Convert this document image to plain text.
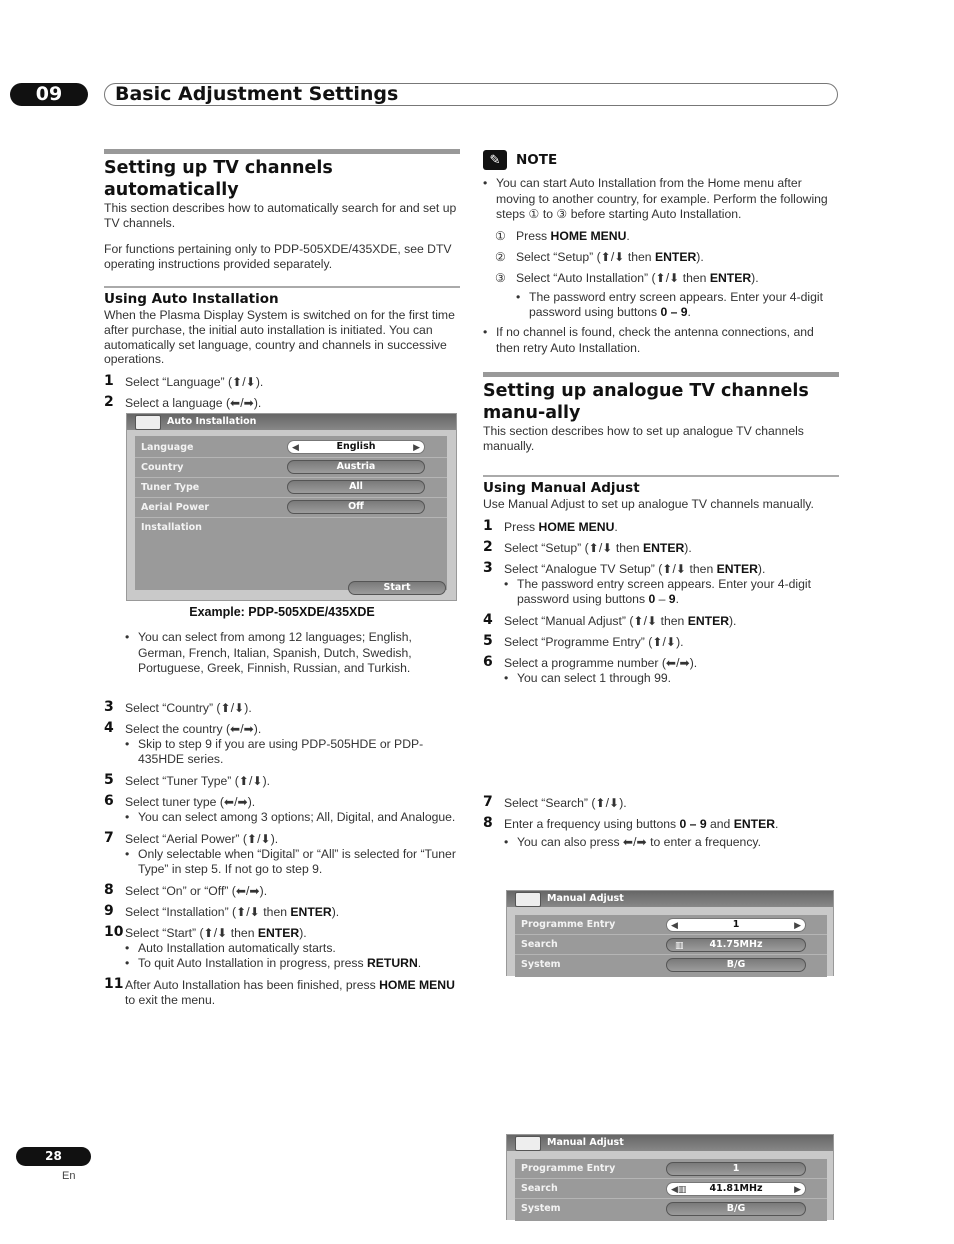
09	Basic Adjustment Settings
Setting up TV channels automatically

This section describes how to automatically search for and set up TV channels.

For functions pertaining only to PDP-505XDE/435XDE, see DTV operating instructions provided separately.

Using Auto Installation

When the Plasma Display System is switched on for the first time after purchase, the initial auto installation is initiated. You can automatically set language, country and channels in successive operations.

1 Select “Language” (⬆/⬇).
2 Select a language (⬅/➡).
Auto Installation
Language	◀	English	▶
Country	Austria
Tuner Type	All
Aerial Power	Off
Installation
Start
Example: PDP-505XDE/435XDE
• You can select from among 12 languages; English, German, French, Italian, Spanish, Dutch, Swedish, Portuguese, Greek, Finnish, Russian, and Turkish.
3 Select “Country” (⬆/⬇).
4 Select the country (⬅/➡).
• Skip to step 9 if you are using PDP-505HDE or PDP-435HDE series.
5 Select “Tuner Type” (⬆/⬇).
6 Select tuner type (⬅/➡).
• You can select among 3 options; All, Digital, and Analogue.
7 Select “Aerial Power” (⬆/⬇).
• Only selectable when “Digital” or “All” is selected for “Tuner Type” in step 5. If not go to step 9.
8 Select “On” or “Off” (⬅/➡).
9 Select “Installation” (⬆/⬇ then ENTER).
10 Select “Start” (⬆/⬇ then ENTER).
• Auto Installation automatically starts.
• To quit Auto Installation in progress, press RETURN.
11 After Auto Installation has been finished, press HOME MENU to exit the menu.
✎	NOTE
• You can start Auto Installation from the Home menu after moving to another country, for example. Perform the following steps ① to ③ before starting Auto Installation.
① Press HOME MENU.
② Select “Setup” (⬆/⬇ then ENTER).
③ Select “Auto Installation” (⬆/⬇ then ENTER).
• The password entry screen appears. Enter your 4-digit password using buttons 0 – 9.
• If no channel is found, check the antenna connections, and then retry Auto Installation.
Setting up analogue TV channels manu-ally

This section describes how to set up analogue TV channels manually.

Using Manual Adjust

Use Manual Adjust to set up analogue TV channels manually.

1 Press HOME MENU.
2 Select “Setup” (⬆/⬇ then ENTER).
3 Select “Analogue TV Setup” (⬆/⬇ then ENTER).
• The password entry screen appears. Enter your 4-digit password using buttons 0 – 9.
4 Select “Manual Adjust” (⬆/⬇ then ENTER).
5 Select “Programme Entry” (⬆/⬇).
6 Select a programme number (⬅/➡).
• You can select 1 through 99.
Manual Adjust
Programme Entry	◀	1	▶
Search	▥	41.75MHz
System	B/G
7 Select “Search” (⬆/⬇).
8 Enter a frequency using buttons 0 – 9 and ENTER.
• You can also press ⬅/➡ to enter a frequency.
Manual Adjust
Programme Entry	1
Search	◀▥ 41.81MHz	▶
System	B/G
28
En
